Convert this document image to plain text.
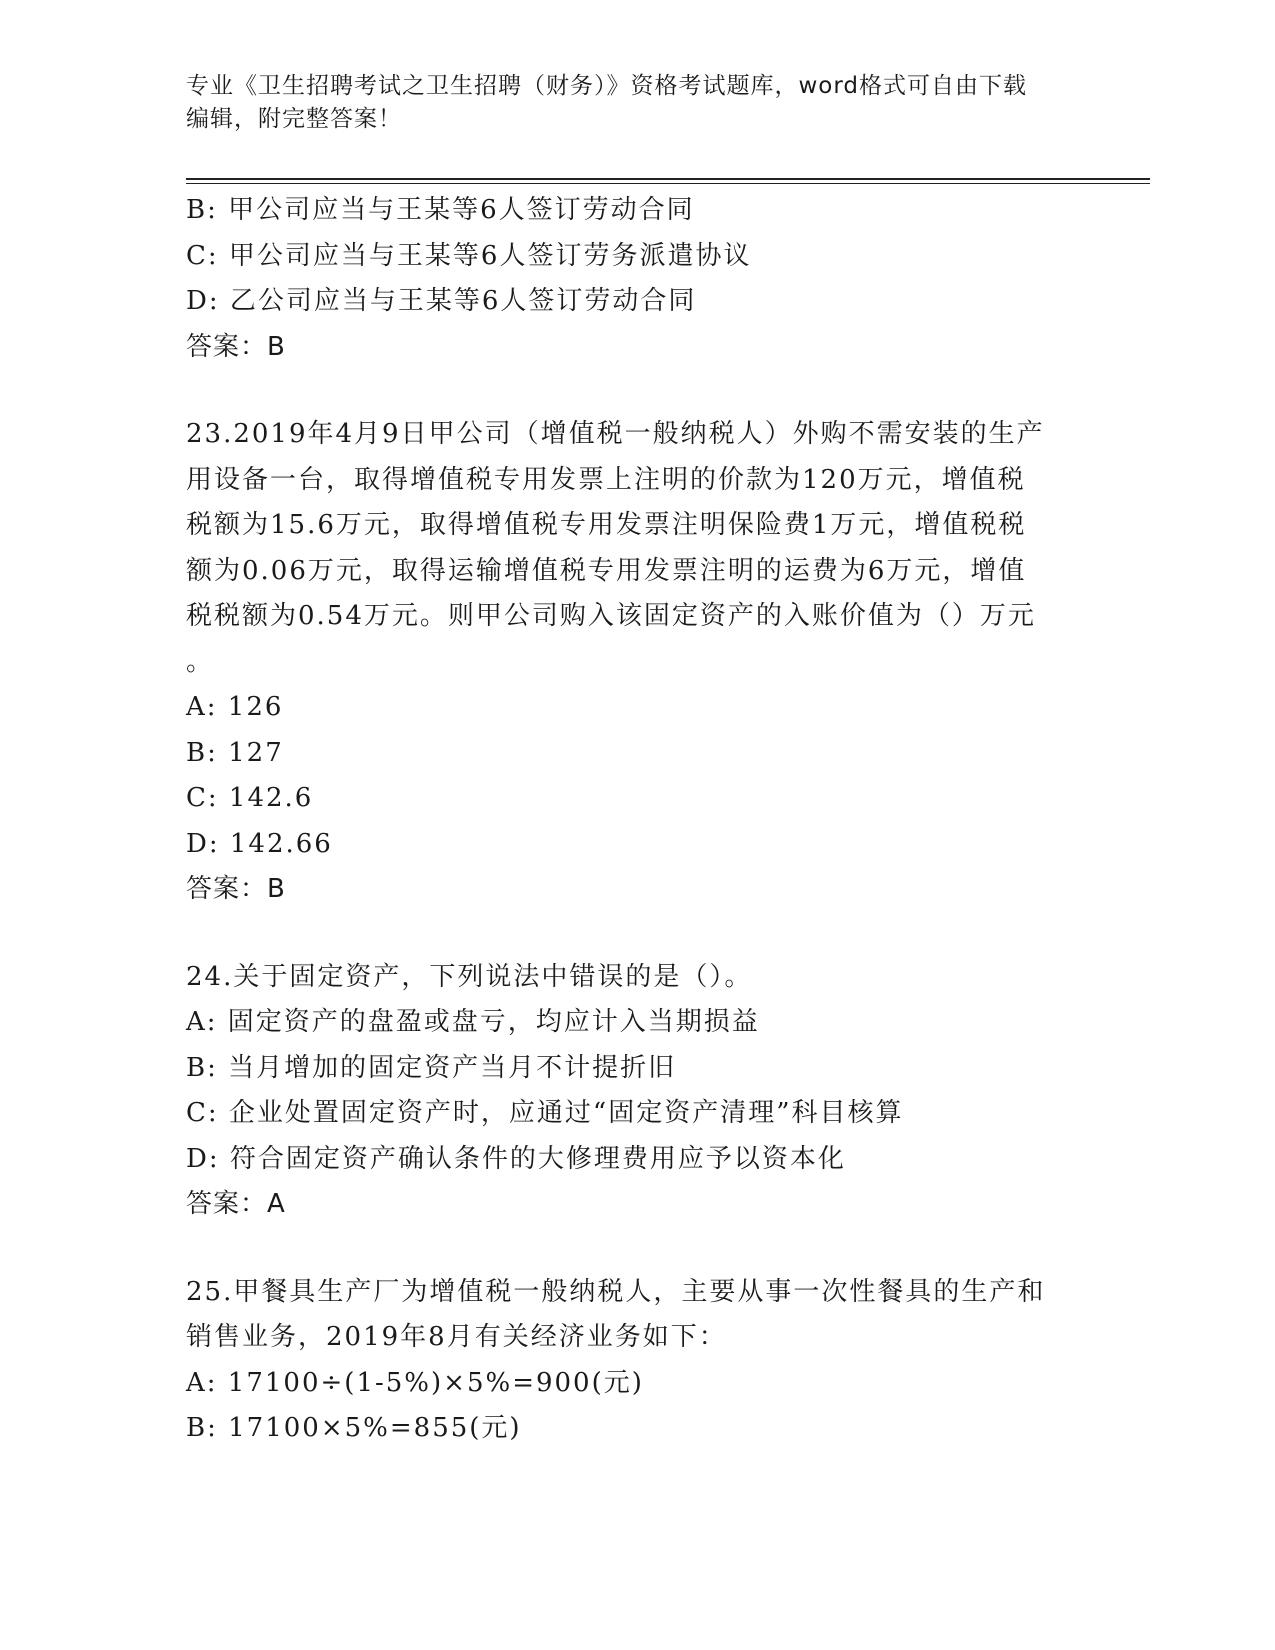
专业《卫生招聘考试之卫生招聘（财务）》资格考试题库，word格式可自由下载
编辑，附完整答案！
B: 甲公司应当与王某等6人签订劳动合同
C: 甲公司应当与王某等6人签订劳务派遣协议
D: 乙公司应当与王某等6人签订劳动合同
答案：B
23.2019年4月9日甲公司（增值税一般纳税人）外购不需安装的生产
用设备一台，取得增值税专用发票上注明的价款为120万元，增值税
税额为15.6万元，取得增值税专用发票注明保险费1万元，增值税税
额为0.06万元，取得运输增值税专用发票注明的运费为6万元，增值
税税额为0.54万元。则甲公司购入该固定资产的入账价值为（）万元
。
A: 126
B: 127
C: 142.6
D: 142.66
答案：B
24.关于固定资产，下列说法中错误的是（）。
A: 固定资产的盘盈或盘亏，均应计入当期损益
B: 当月增加的固定资产当月不计提折旧
C: 企业处置固定资产时，应通过“固定资产清理”科目核算
D: 符合固定资产确认条件的大修理费用应予以资本化
答案：A
25.甲餐具生产厂为增值税一般纳税人，主要从事一次性餐具的生产和
销售业务，2019年8月有关经济业务如下：
A: 17100÷(1-5%)×5%=900(元)
B: 17100×5%=855(元)
